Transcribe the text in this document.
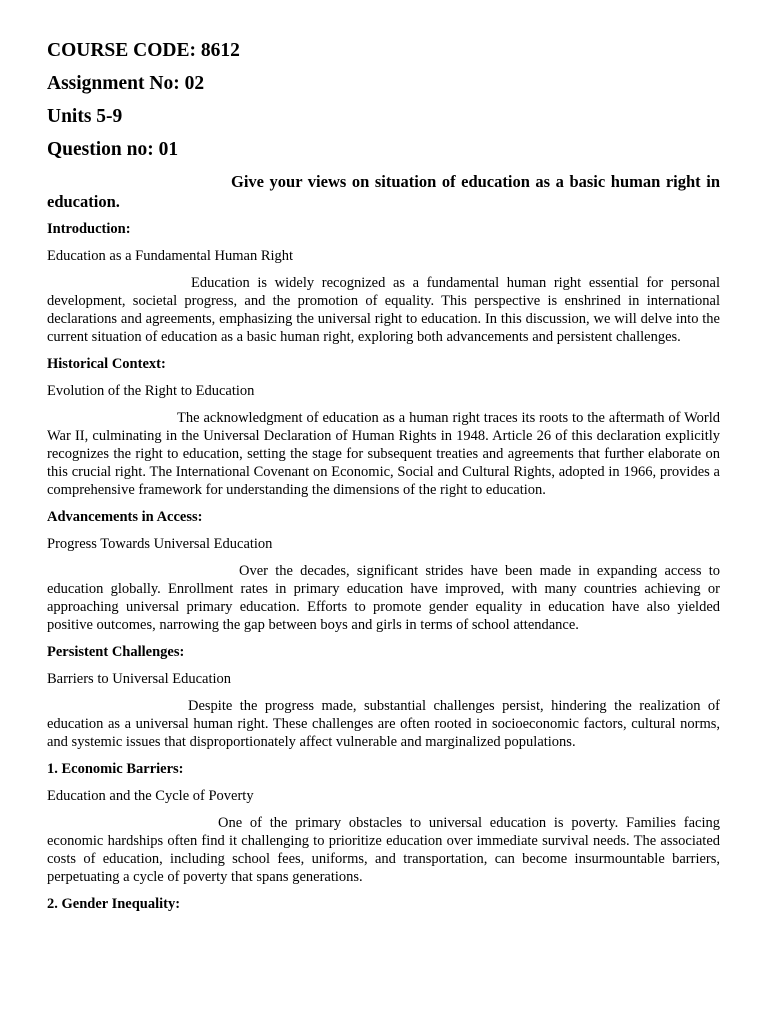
COURSE CODE: 8612
Assignment No: 02
Units 5-9
Question no: 01
Give your views on situation of education as a basic human right in education.
Introduction:
Education as a Fundamental Human Right
Education is widely recognized as a fundamental human right essential for personal development, societal progress, and the promotion of equality. This perspective is enshrined in international declarations and agreements, emphasizing the universal right to education. In this discussion, we will delve into the current situation of education as a basic human right, exploring both advancements and persistent challenges.
Historical Context:
Evolution of the Right to Education
The acknowledgment of education as a human right traces its roots to the aftermath of World War II, culminating in the Universal Declaration of Human Rights in 1948. Article 26 of this declaration explicitly recognizes the right to education, setting the stage for subsequent treaties and agreements that further elaborate on this crucial right. The International Covenant on Economic, Social and Cultural Rights, adopted in 1966, provides a comprehensive framework for understanding the dimensions of the right to education.
Advancements in Access:
Progress Towards Universal Education
Over the decades, significant strides have been made in expanding access to education globally. Enrollment rates in primary education have improved, with many countries achieving or approaching universal primary education. Efforts to promote gender equality in education have also yielded positive outcomes, narrowing the gap between boys and girls in terms of school attendance.
Persistent Challenges:
Barriers to Universal Education
Despite the progress made, substantial challenges persist, hindering the realization of education as a universal human right. These challenges are often rooted in socioeconomic factors, cultural norms, and systemic issues that disproportionately affect vulnerable and marginalized populations.
1. Economic Barriers:
Education and the Cycle of Poverty
One of the primary obstacles to universal education is poverty. Families facing economic hardships often find it challenging to prioritize education over immediate survival needs. The associated costs of education, including school fees, uniforms, and transportation, can become insurmountable barriers, perpetuating a cycle of poverty that spans generations.
2. Gender Inequality:
